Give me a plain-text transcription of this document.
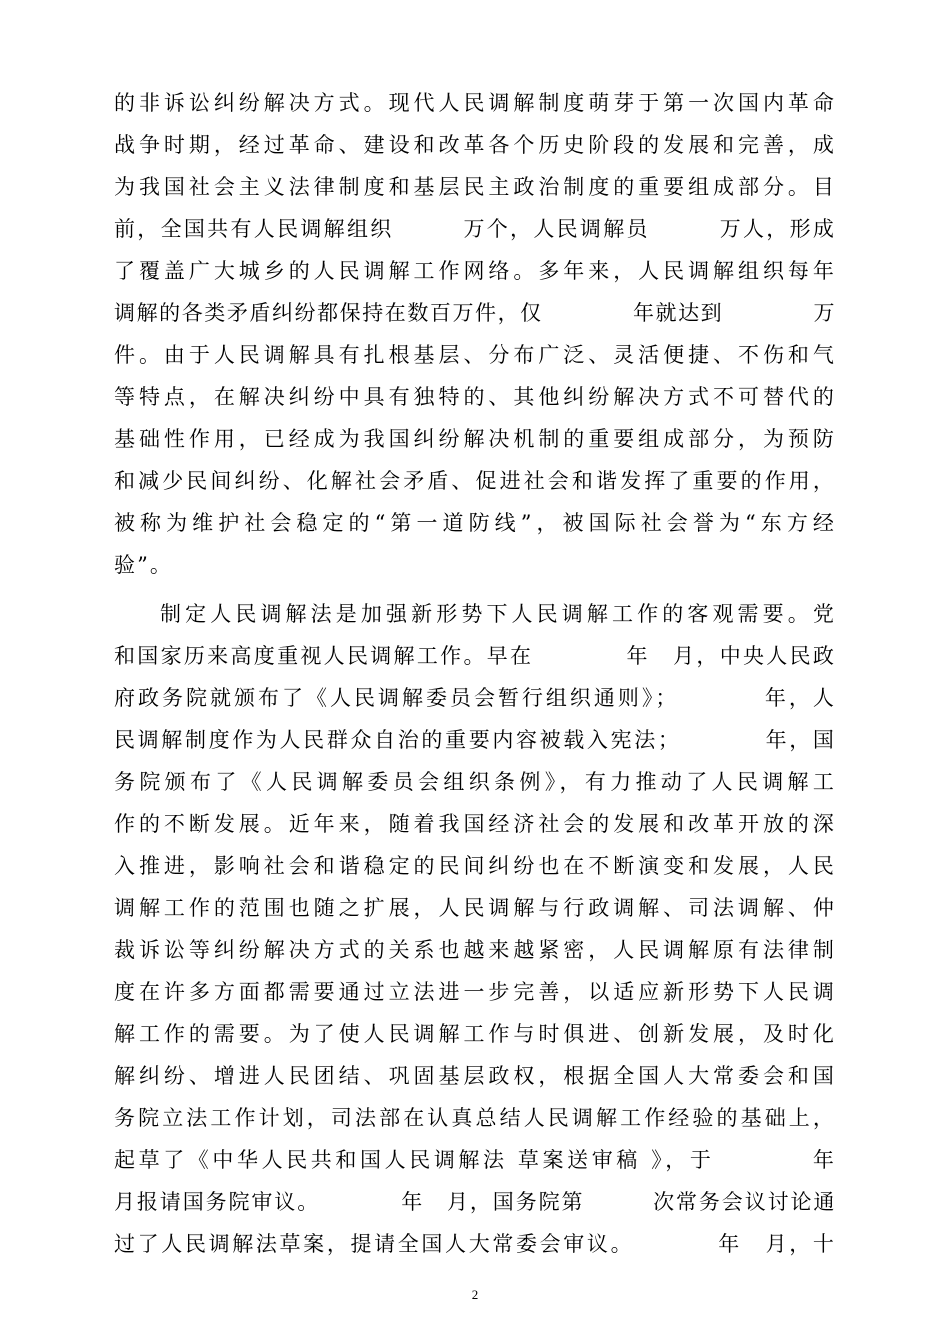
的非诉讼纠纷解决方式。现代人民调解制度萌芽于第一次国内革命
战争时期，经过革命、建设和改革各个历史阶段的发展和完善，成
为我国社会主义法律制度和基层民主政治制度的重要组成部分。目
前，全国共有人民调解组织　　　万个，人民调解员　　　万人，形成
了覆盖广大城乡的人民调解工作网络。多年来，人民调解组织每年
调解的各类矛盾纠纷都保持在数百万件，仅　　　　年就达到　　　　万
件。由于人民调解具有扎根基层、分布广泛、灵活便捷、不伤和气
等特点，在解决纠纷中具有独特的、其他纠纷解决方式不可替代的
基础性作用，已经成为我国纠纷解决机制的重要组成部分，为预防
和减少民间纠纷、化解社会矛盾、促进社会和谐发挥了重要的作用，
被称为维护社会稳定的“第一道防线”，被国际社会誉为“东方经
验”。
制定人民调解法是加强新形势下人民调解工作的客观需要。党
和国家历来高度重视人民调解工作。早在　　　　年　月，中央人民政
府政务院就颁布了《人民调解委员会暂行组织通则》；　　　　年，人
民调解制度作为人民群众自治的重要内容被载入宪法；　　　　年，国
务院颁布了《人民调解委员会组织条例》，有力推动了人民调解工
作的不断发展。近年来，随着我国经济社会的发展和改革开放的深
入推进，影响社会和谐稳定的民间纠纷也在不断演变和发展，人民
调解工作的范围也随之扩展，人民调解与行政调解、司法调解、仲
裁诉讼等纠纷解决方式的关系也越来越紧密，人民调解原有法律制
度在许多方面都需要通过立法进一步完善，以适应新形势下人民调
解工作的需要。为了使人民调解工作与时俱进、创新发展，及时化
解纠纷、增进人民团结、巩固基层政权，根据全国人大常委会和国
务院立法工作计划，司法部在认真总结人民调解工作经验的基础上，
起草了《中华人民共和国人民调解法 草案送审稿 》，于　　　　年
月报请国务院审议。　　　　年　月，国务院第　　　次常务会议讨论通
过了人民调解法草案，提请全国人大常委会审议。　　　　年　月，十
2
